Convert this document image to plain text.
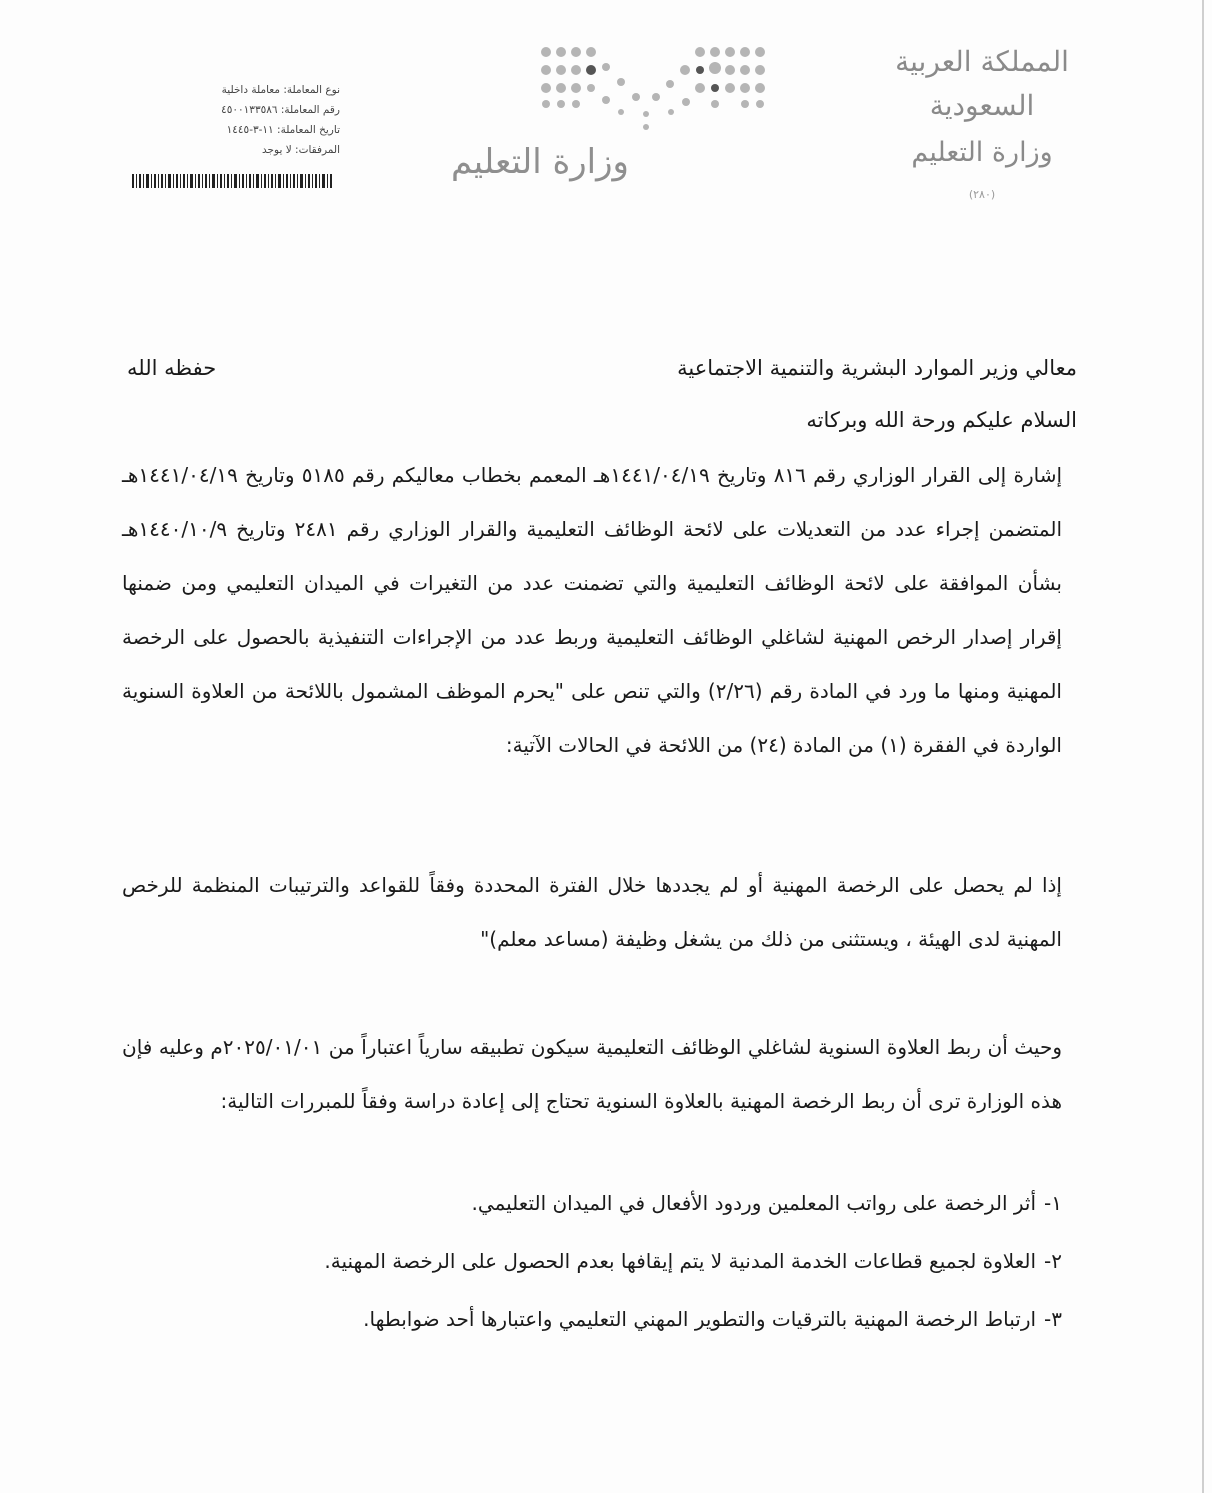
المملكة العربية السعودية
وزارة التعليم
(٢٨٠)
وزارة التعليم
نوع المعاملة: معاملة داخلية
رقم المعاملة: ٤٥٠٠١٣٣٥٨٦
تاريخ المعاملة: ١١-٣-١٤٤٥
المرفقات: لا يوجد
معالي وزير الموارد البشرية والتنمية الاجتماعية
حفظه الله
السلام عليكم ورحة الله وبركاته

إشارة إلى القرار الوزاري رقم ٨١٦ وتاريخ ١٤٤١/٠٤/١٩هـ المعمم بخطاب معاليكم رقم ٥١٨٥ وتاريخ ١٤٤١/٠٤/١٩هـ المتضمن إجراء عدد من التعديلات على لائحة الوظائف التعليمية والقرار الوزاري رقم ٢٤٨١ وتاريخ ١٤٤٠/١٠/٩هـ بشأن الموافقة على لائحة الوظائف التعليمية والتي تضمنت عدد من التغيرات في الميدان التعليمي ومن ضمنها إقرار إصدار الرخص المهنية لشاغلي الوظائف التعليمية وربط عدد من الإجراءات التنفيذية بالحصول على الرخصة المهنية ومنها ما ورد في المادة رقم (٢/٢٦) والتي تنص على "يحرم الموظف المشمول باللائحة من العلاوة السنوية الواردة في الفقرة (١) من المادة (٢٤) من اللائحة في الحالات الآتية:

إذا لم يحصل على الرخصة المهنية أو لم يجددها خلال الفترة المحددة وفقاً للقواعد والترتيبات المنظمة للرخص المهنية لدى الهيئة ، ويستثنى من ذلك من يشغل وظيفة (مساعد معلم)"

وحيث أن ربط العلاوة السنوية لشاغلي الوظائف التعليمية سيكون تطبيقه سارياً اعتباراً من ٢٠٢٥/٠١/٠١م وعليه فإن هذه الوزارة ترى أن ربط الرخصة المهنية بالعلاوة السنوية تحتاج إلى إعادة دراسة وفقاً للمبررات التالية:

١-أثر الرخصة على رواتب المعلمين وردود الأفعال في الميدان التعليمي.

٢-العلاوة لجميع قطاعات الخدمة المدنية لا يتم إيقافها بعدم الحصول على الرخصة المهنية.

٣-ارتباط الرخصة المهنية بالترقيات والتطوير المهني التعليمي واعتبارها أحد ضوابطها.
